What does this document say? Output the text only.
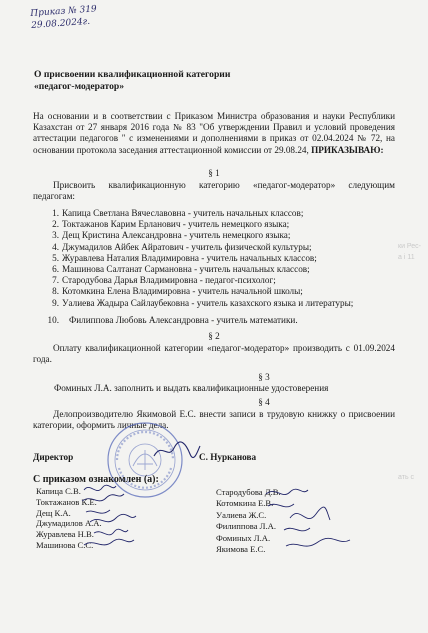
Приказ № 319
29.08.2024г.
О присвоении квалификационной категории
«педагог-модератор»
На основании и в соответствии с Приказом Министра образования и науки Республики Казахстан от 27 января 2016 года № 83 "Об утверждении Правил и условий проведения аттестации педагогов " с изменениями и дополнениями в приказ от 02.04.2024 № 72, на основании протокола заседания аттестационной комиссии от 29.08.24, ПРИКАЗЫВАЮ:
§ 1
Присвоить квалификационную категорию «педагог-модератор» следующим педагогам:
1. Капица Светлана Вячеславовна - учитель начальных классов;
2. Токтажанов Карим Ерланович - учитель немецкого языка;
3. Дещ Кристина Александровна - учитель немецкого языка;
4. Джумадилов Айбек Айратович - учитель физической культуры;
5. Журавлева Наталия Владимировна - учитель начальных классов;
6. Машинова Салтанат Сармановна - учитель начальных классов;
7. Стародубова Дарья Владимировна - педагог-психолог;
8. Котомкина Елена Владимировна - учитель начальной школы;
9. Уалиева Жадыра Сайлаубековна - учитель казахского языка и литературы;
10. Филиппова Любовь Александровна - учитель математики.
§ 2
Оплату квалификационной категории «педагог-модератор» производить с 01.09.2024 года.
§ 3
Фоминых Л.А. заполнить и выдать квалификационные удостоверения
§ 4
Делопроизводителю Якимовой Е.С. внести записи в трудовую книжку о присвоении категории, оформить личные дела.
Директор	С. Нурканова
С приказом ознакомлен (а):
Капица С.В.
Токтажанов К.Е.
Дещ К.А.
Джумадилов А.А.
Журавлева Н.В.
Машинова С.С.
Стародубова Д.В.
Котомкина Е.В.
Уалиева Ж.С.
Филиппова Л.А.
Фоминых Л.А.
Якимова Е.С.
ки Рес-
a i 11
ать с
